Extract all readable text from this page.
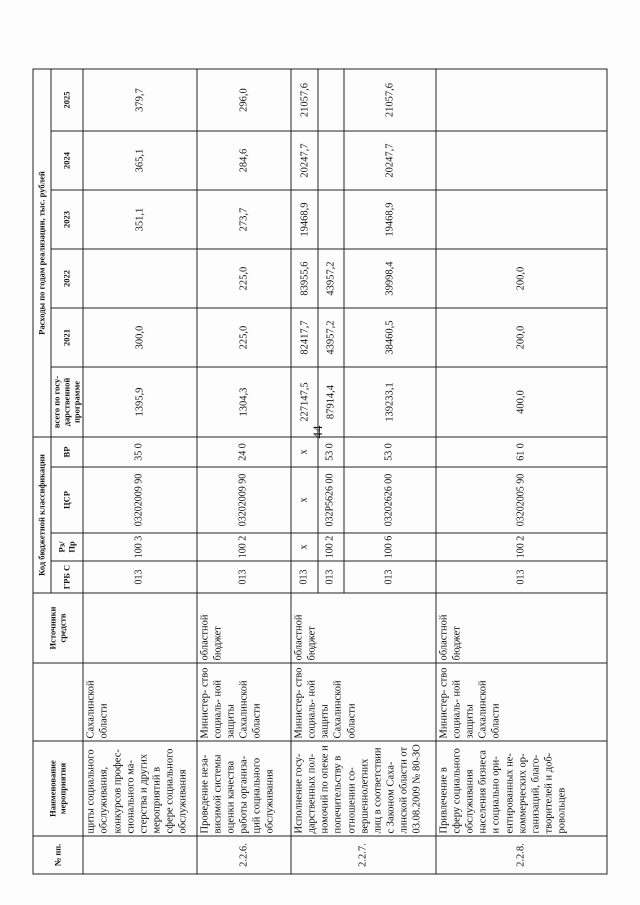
44
№ пп.	Наименование мероприятия		Источники средств	Код бюджетной классификации				Расходы по годам реализации, тыс. рублей					
				ГРБ С	Рз/ Пр	ЦСР	ВР	всего по госу- дарственной программе	2021	2022	2023	2024	2025
	щиты социального обслуживания, конкурсов профес- сионального ма- стерства и других мероприятий в сфере социального обслуживания	Сахалинской области		013	100 3	03202009 90	35 0	1395,9	300,0		351,1	365,1	379,7
2.2.6.	Проведение неза- висимой системы оценки качества работы организа- ций социального обслуживания	Министер- ство социаль- ной защиты Сахалинской области	областной бюджет	013	100 2	03202009 90	24 0	1304,3	225,0	225,0	273,7	284,6	296,0
2.2.7.	Исполнение госу- дарственных пол- номочий по опеке и попечительству в отношении со- вершеннолетних лиц в соответствии с Законом Саха- линской области от 03.08.2009 № 80-ЗО	Министер- ство социаль- ной защиты Сахалинской области	областной бюджет	013	x	x	x	227147,5	82417,7	83955,6	19468,9	20247,7	21057,6
				013	100 2	032P5626 00	53 0	87914,4	43957,2	43957,2			
				013	100 6	03202626 00	53 0	139233,1	38460,5	39998,4	19468,9	20247,7	21057,6
2.2.8.	Привлечение в сферу социального обслуживания населения бизнеса и социально ори- ентированных не- коммерческих ор- ганизаций, благо- творителей и доб- ровольцев	Министер- ство социаль- ной защиты Сахалинской области	областной бюджет	013	100 2	03202005 90	61 0	400,0	200,0	200,0			
